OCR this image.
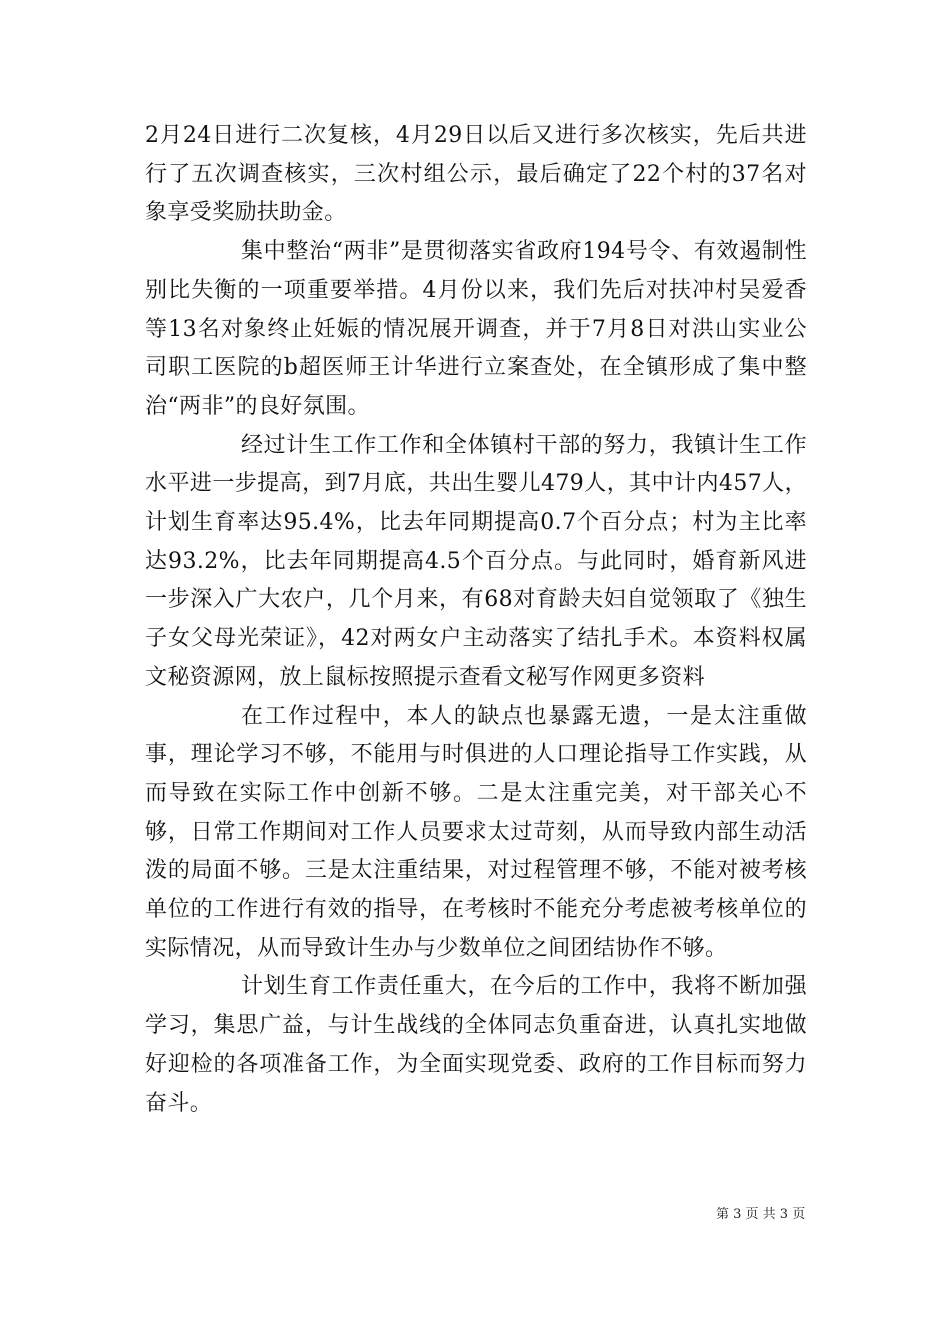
2月24日进行二次复核，4月29日以后又进行多次核实，先后共进行了五次调查核实，三次村组公示，最后确定了22个村的37名对象享受奖励扶助金。

集中整治“两非”是贯彻落实省政府194号令、有效遏制性别比失衡的一项重要举措。4月份以来，我们先后对扶冲村吴爱香等13名对象终止妊娠的情况展开调查，并于7月8日对洪山实业公司职工医院的b超医师王计华进行立案查处，在全镇形成了集中整治“两非”的良好氛围。

经过计生工作工作和全体镇村干部的努力，我镇计生工作水平进一步提高，到7月底，共出生婴儿479人，其中计内457人，计划生育率达95.4%，比去年同期提高0.7个百分点；村为主比率达93.2%，比去年同期提高4.5个百分点。与此同时，婚育新风进一步深入广大农户，几个月来，有68对育龄夫妇自觉领取了《独生子女父母光荣证》，42对两女户主动落实了结扎手术。本资料权属文秘资源网，放上鼠标按照提示查看文秘写作网更多资料

在工作过程中，本人的缺点也暴露无遗，一是太注重做事，理论学习不够，不能用与时俱进的人口理论指导工作实践，从而导致在实际工作中创新不够。二是太注重完美，对干部关心不够，日常工作期间对工作人员要求太过苛刻，从而导致内部生动活泼的局面不够。三是太注重结果，对过程管理不够，不能对被考核单位的工作进行有效的指导，在考核时不能充分考虑被考核单位的实际情况，从而导致计生办与少数单位之间团结协作不够。

计划生育工作责任重大，在今后的工作中，我将不断加强学习，集思广益，与计生战线的全体同志负重奋进，认真扎实地做好迎检的各项准备工作，为全面实现党委、政府的工作目标而努力奋斗。

第 3 页 共 3 页
